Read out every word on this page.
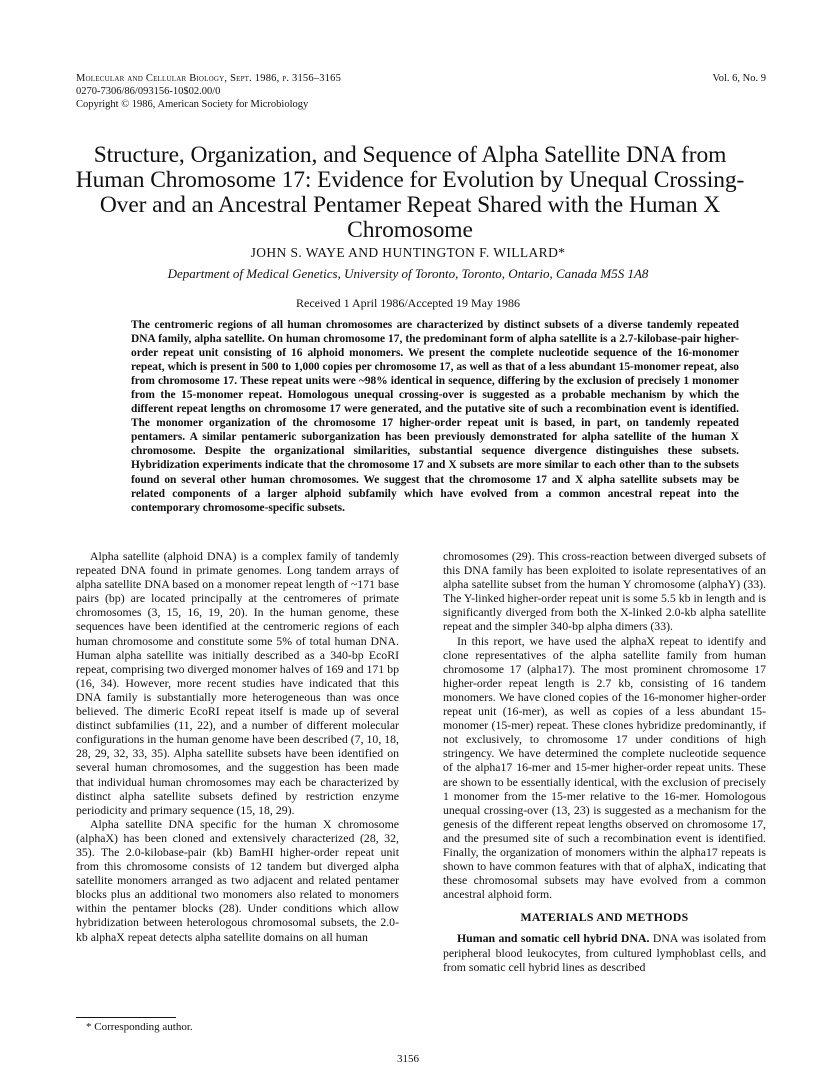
Molecular and Cellular Biology, Sept. 1986, p. 3156–3165
0270-7306/86/093156-10$02.00/0
Copyright © 1986, American Society for Microbiology
Vol. 6, No. 9
Structure, Organization, and Sequence of Alpha Satellite DNA from Human Chromosome 17: Evidence for Evolution by Unequal Crossing-Over and an Ancestral Pentamer Repeat Shared with the Human X Chromosome
JOHN S. WAYE AND HUNTINGTON F. WILLARD*
Department of Medical Genetics, University of Toronto, Toronto, Ontario, Canada M5S 1A8
Received 1 April 1986/Accepted 19 May 1986

The centromeric regions of all human chromosomes are characterized by distinct subsets of a diverse tandemly repeated DNA family, alpha satellite. On human chromosome 17, the predominant form of alpha satellite is a 2.7-kilobase-pair higher-order repeat unit consisting of 16 alphoid monomers. We present the complete nucleotide sequence of the 16-monomer repeat, which is present in 500 to 1,000 copies per chromosome 17, as well as that of a less abundant 15-monomer repeat, also from chromosome 17. These repeat units were ~98% identical in sequence, differing by the exclusion of precisely 1 monomer from the 15-monomer repeat. Homologous unequal crossing-over is suggested as a probable mechanism by which the different repeat lengths on chromosome 17 were generated, and the putative site of such a recombination event is identified. The monomer organization of the chromosome 17 higher-order repeat unit is based, in part, on tandemly repeated pentamers. A similar pentameric suborganization has been previously demonstrated for alpha satellite of the human X chromosome. Despite the organizational similarities, substantial sequence divergence distinguishes these subsets. Hybridization experiments indicate that the chromosome 17 and X subsets are more similar to each other than to the subsets found on several other human chromosomes. We suggest that the chromosome 17 and X alpha satellite subsets may be related components of a larger alphoid subfamily which have evolved from a common ancestral repeat into the contemporary chromosome-specific subsets.

Alpha satellite (alphoid DNA) is a complex family of tandemly repeated DNA found in primate genomes. Long tandem arrays of alpha satellite DNA based on a monomer repeat length of ~171 base pairs (bp) are located principally at the centromeres of primate chromosomes (3, 15, 16, 19, 20). In the human genome, these sequences have been identified at the centromeric regions of each human chromosome and constitute some 5% of total human DNA. Human alpha satellite was initially described as a 340-bp EcoRI repeat, comprising two diverged monomer halves of 169 and 171 bp (16, 34). However, more recent studies have indicated that this DNA family is substantially more heterogeneous than was once believed. The dimeric EcoRI repeat itself is made up of several distinct subfamilies (11, 22), and a number of different molecular configurations in the human genome have been described (7, 10, 18, 28, 29, 32, 33, 35). Alpha satellite subsets have been identified on several human chromosomes, and the suggestion has been made that individual human chromosomes may each be characterized by distinct alpha satellite subsets defined by restriction enzyme periodicity and primary sequence (15, 18, 29).

Alpha satellite DNA specific for the human X chromosome (alphaX) has been cloned and extensively characterized (28, 32, 35). The 2.0-kilobase-pair (kb) BamHI higher-order repeat unit from this chromosome consists of 12 tandem but diverged alpha satellite monomers arranged as two adjacent and related pentamer blocks plus an additional two monomers also related to monomers within the pentamer blocks (28). Under conditions which allow hybridization between heterologous chromosomal subsets, the 2.0-kb alphaX repeat detects alpha satellite domains on all human

chromosomes (29). This cross-reaction between diverged subsets of this DNA family has been exploited to isolate representatives of an alpha satellite subset from the human Y chromosome (alphaY) (33). The Y-linked higher-order repeat unit is some 5.5 kb in length and is significantly diverged from both the X-linked 2.0-kb alpha satellite repeat and the simpler 340-bp alpha dimers (33).

In this report, we have used the alphaX repeat to identify and clone representatives of the alpha satellite family from human chromosome 17 (alpha17). The most prominent chromosome 17 higher-order repeat length is 2.7 kb, consisting of 16 tandem monomers. We have cloned copies of the 16-monomer higher-order repeat unit (16-mer), as well as copies of a less abundant 15-monomer (15-mer) repeat. These clones hybridize predominantly, if not exclusively, to chromosome 17 under conditions of high stringency. We have determined the complete nucleotide sequence of the alpha17 16-mer and 15-mer higher-order repeat units. These are shown to be essentially identical, with the exclusion of precisely 1 monomer from the 15-mer relative to the 16-mer. Homologous unequal crossing-over (13, 23) is suggested as a mechanism for the genesis of the different repeat lengths observed on chromosome 17, and the presumed site of such a recombination event is identified. Finally, the organization of monomers within the alpha17 repeats is shown to have common features with that of alphaX, indicating that these chromosomal subsets may have evolved from a common ancestral alphoid form.

MATERIALS AND METHODS

Human and somatic cell hybrid DNA. DNA was isolated from peripheral blood leukocytes, from cultured lymphoblast cells, and from somatic cell hybrid lines as described

* Corresponding author.
3156
